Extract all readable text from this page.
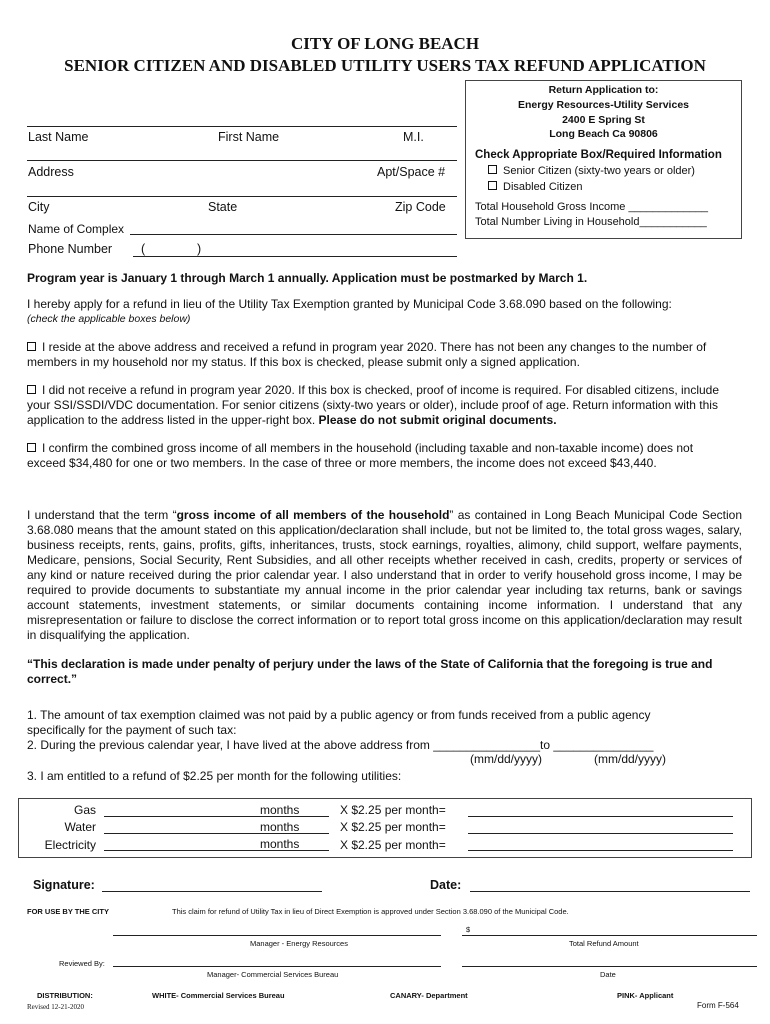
CITY OF LONG BEACH
SENIOR CITIZEN AND DISABLED UTILITY USERS TAX REFUND APPLICATION
Return Application to:
Energy Resources-Utility Services
2400 E Spring St
Long Beach Ca 90806
Check Appropriate Box/Required Information
Senior Citizen (sixty-two years or older)
Disabled Citizen
Total Household Gross Income _____________
Total Number Living in Household___________
Last Name	First Name	M.I.
Address	Apt/Space #
City	State	Zip Code
Name of Complex
Phone Number (	)
Program year is January 1 through March 1 annually. Application must be postmarked by March 1.
I hereby apply for a refund in lieu of the Utility Tax Exemption granted by Municipal Code 3.68.090 based on the following:
(check the applicable boxes below)
I reside at the above address and received a refund in program year 2020. There has not been any changes to the number of members in my household nor my status. If this box is checked, please submit only a signed application.
I did not receive a refund in program year 2020. If this box is checked, proof of income is required. For disabled citizens, include your SSI/SSDI/VDC documentation. For senior citizens (sixty-two years or older), include proof of age. Return information with this application to the address listed in the upper-right box. Please do not submit original documents.
I confirm the combined gross income of all members in the household (including taxable and non-taxable income) does not exceed $34,480 for one or two members. In the case of three or more members, the income does not exceed $43,440.
I understand that the term “gross income of all members of the household” as contained in Long Beach Municipal Code Section 3.68.080 means that the amount stated on this application/declaration shall include, but not be limited to, the total gross wages, salary, business receipts, rents, gains, profits, gifts, inheritances, trusts, stock earnings, royalties, alimony, child support, welfare payments, Medicare, pensions, Social Security, Rent Subsidies, and all other receipts whether received in cash, credits, property or services of any kind or nature received during the prior calendar year. I also understand that in order to verify household gross income, I may be required to provide documents to substantiate my annual income in the prior calendar year including tax returns, bank or savings account statements, investment statements, or similar documents containing income information. I understand that any misrepresentation or failure to disclose the correct information or to report total gross income on this application/declaration may result in disqualifying the application.
“This declaration is made under penalty of perjury under the laws of the State of California that the foregoing is true and correct.”
1. The amount of tax exemption claimed was not paid by a public agency or from funds received from a public agency specifically for the payment of such tax:
2. During the previous calendar year, I have lived at the above address from ________________to _______________
(mm/dd/yyyy)	(mm/dd/yyyy)
3. I am entitled to a refund of $2.25 per month for the following utilities:
Gas	months	X $2.25 per month=
Water	months	X $2.25 per month=
Electricity	months	X $2.25 per month=
Signature:	Date:
FOR USE BY THE CITY	This claim for refund of Utility Tax in lieu of Direct Exemption is approved under Section 3.68.090 of the Municipal Code.
$
Manager - Energy Resources	Total Refund Amount
Reviewed By:
Manager- Commercial Services Bureau	Date
DISTRIBUTION:	WHITE- Commercial Services Bureau	CANARY- Department	PINK- Applicant
Revised 12-21-2020	Form F-564
